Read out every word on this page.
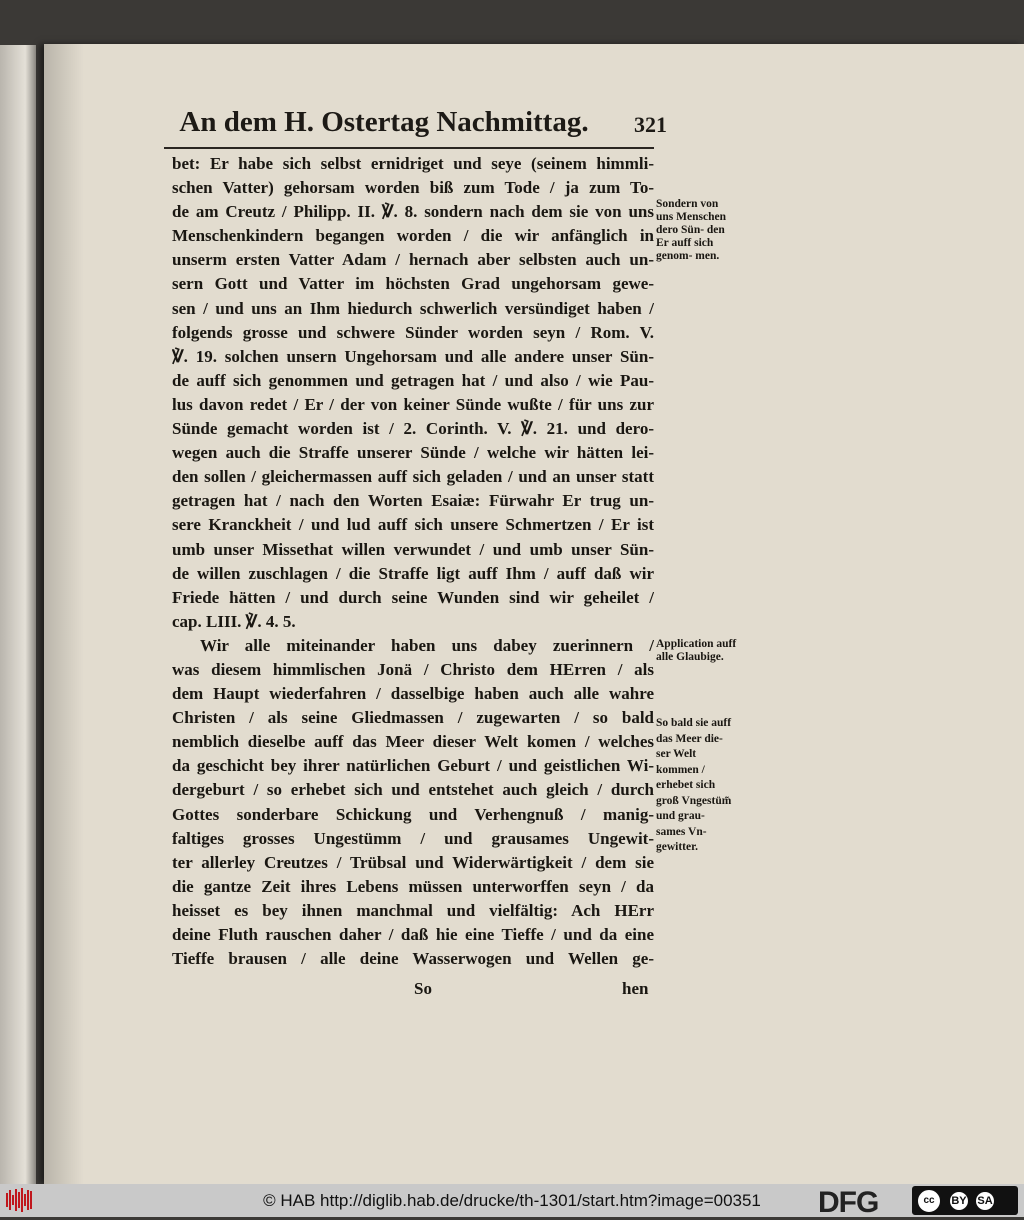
An dem H. Ostertag Nachmittag.	321
bet: Er habe sich selbst ernidriget und seye (seinem himmli-
schen Vatter) gehorsam worden biß zum Tode / ja zum To-
de am Creutz / Philipp. II. ℣. 8. sondern nach dem sie von uns
Menschenkindern begangen worden / die wir anfänglich in
unserm ersten Vatter Adam / hernach aber selbsten auch un-
sern Gott und Vatter im höchsten Grad ungehorsam gewe-
sen / und uns an Ihm hiedurch schwerlich versündiget haben /
folgends grosse und schwere Sünder worden seyn / Rom. V.
℣. 19. solchen unsern Ungehorsam und alle andere unser Sün-
de auff sich genommen und getragen hat / und also / wie Pau-
lus davon redet / Er / der von keiner Sünde wußte / für uns zur
Sünde gemacht worden ist / 2. Corinth. V. ℣. 21. und dero-
wegen auch die Straffe unserer Sünde / welche wir hätten lei-
den sollen / gleichermassen auff sich geladen / und an unser statt
getragen hat / nach den Worten Esaiæ: Fürwahr Er trug un-
sere Kranckheit / und lud auff sich unsere Schmertzen / Er ist
umb unser Missethat willen verwundet / und umb unser Sün-
de willen zuschlagen / die Straffe ligt auff Ihm / auff daß wir
Friede hätten / und durch seine Wunden sind wir geheilet /
cap. LIII. ℣. 4. 5.
Wir alle miteinander haben uns dabey zuerinnern /
was diesem himmlischen Jonä / Christo dem HErren / als
dem Haupt wiederfahren / dasselbige haben auch alle wahre
Christen / als seine Gliedmassen / zugewarten / so bald
nemblich dieselbe auff das Meer dieser Welt komen / welches
da geschicht bey ihrer natürlichen Geburt / und geistlichen Wi-
dergeburt / so erhebet sich und entstehet auch gleich / durch
Gottes sonderbare Schickung und Verhengnuß / manig-
faltiges grosses Ungestümm / und grausames Ungewit-
ter allerley Creutzes / Trübsal und Widerwärtigkeit / dem sie
die gantze Zeit ihres Lebens müssen unterworffen seyn / da
heisset es bey ihnen manchmal und vielfältig: Ach HErr
deine Fluth rauschen daher / daß hie eine Tieffe / und da eine
Tieffe brausen / alle deine Wasserwogen und Wellen ge-
So	hen
Sondern von uns Menschen dero Sün- den Er auff sich genom- men.
Application auff alle Glaubige.
So bald sie auff das Meer die- ser Welt kommen / erhebet sich groß Vngestüm̃ und grau- sames Vn- gewitter.
© HAB http://diglib.hab.de/drucke/th-1301/start.htm?image=00351	DFG	cc	BY SA
